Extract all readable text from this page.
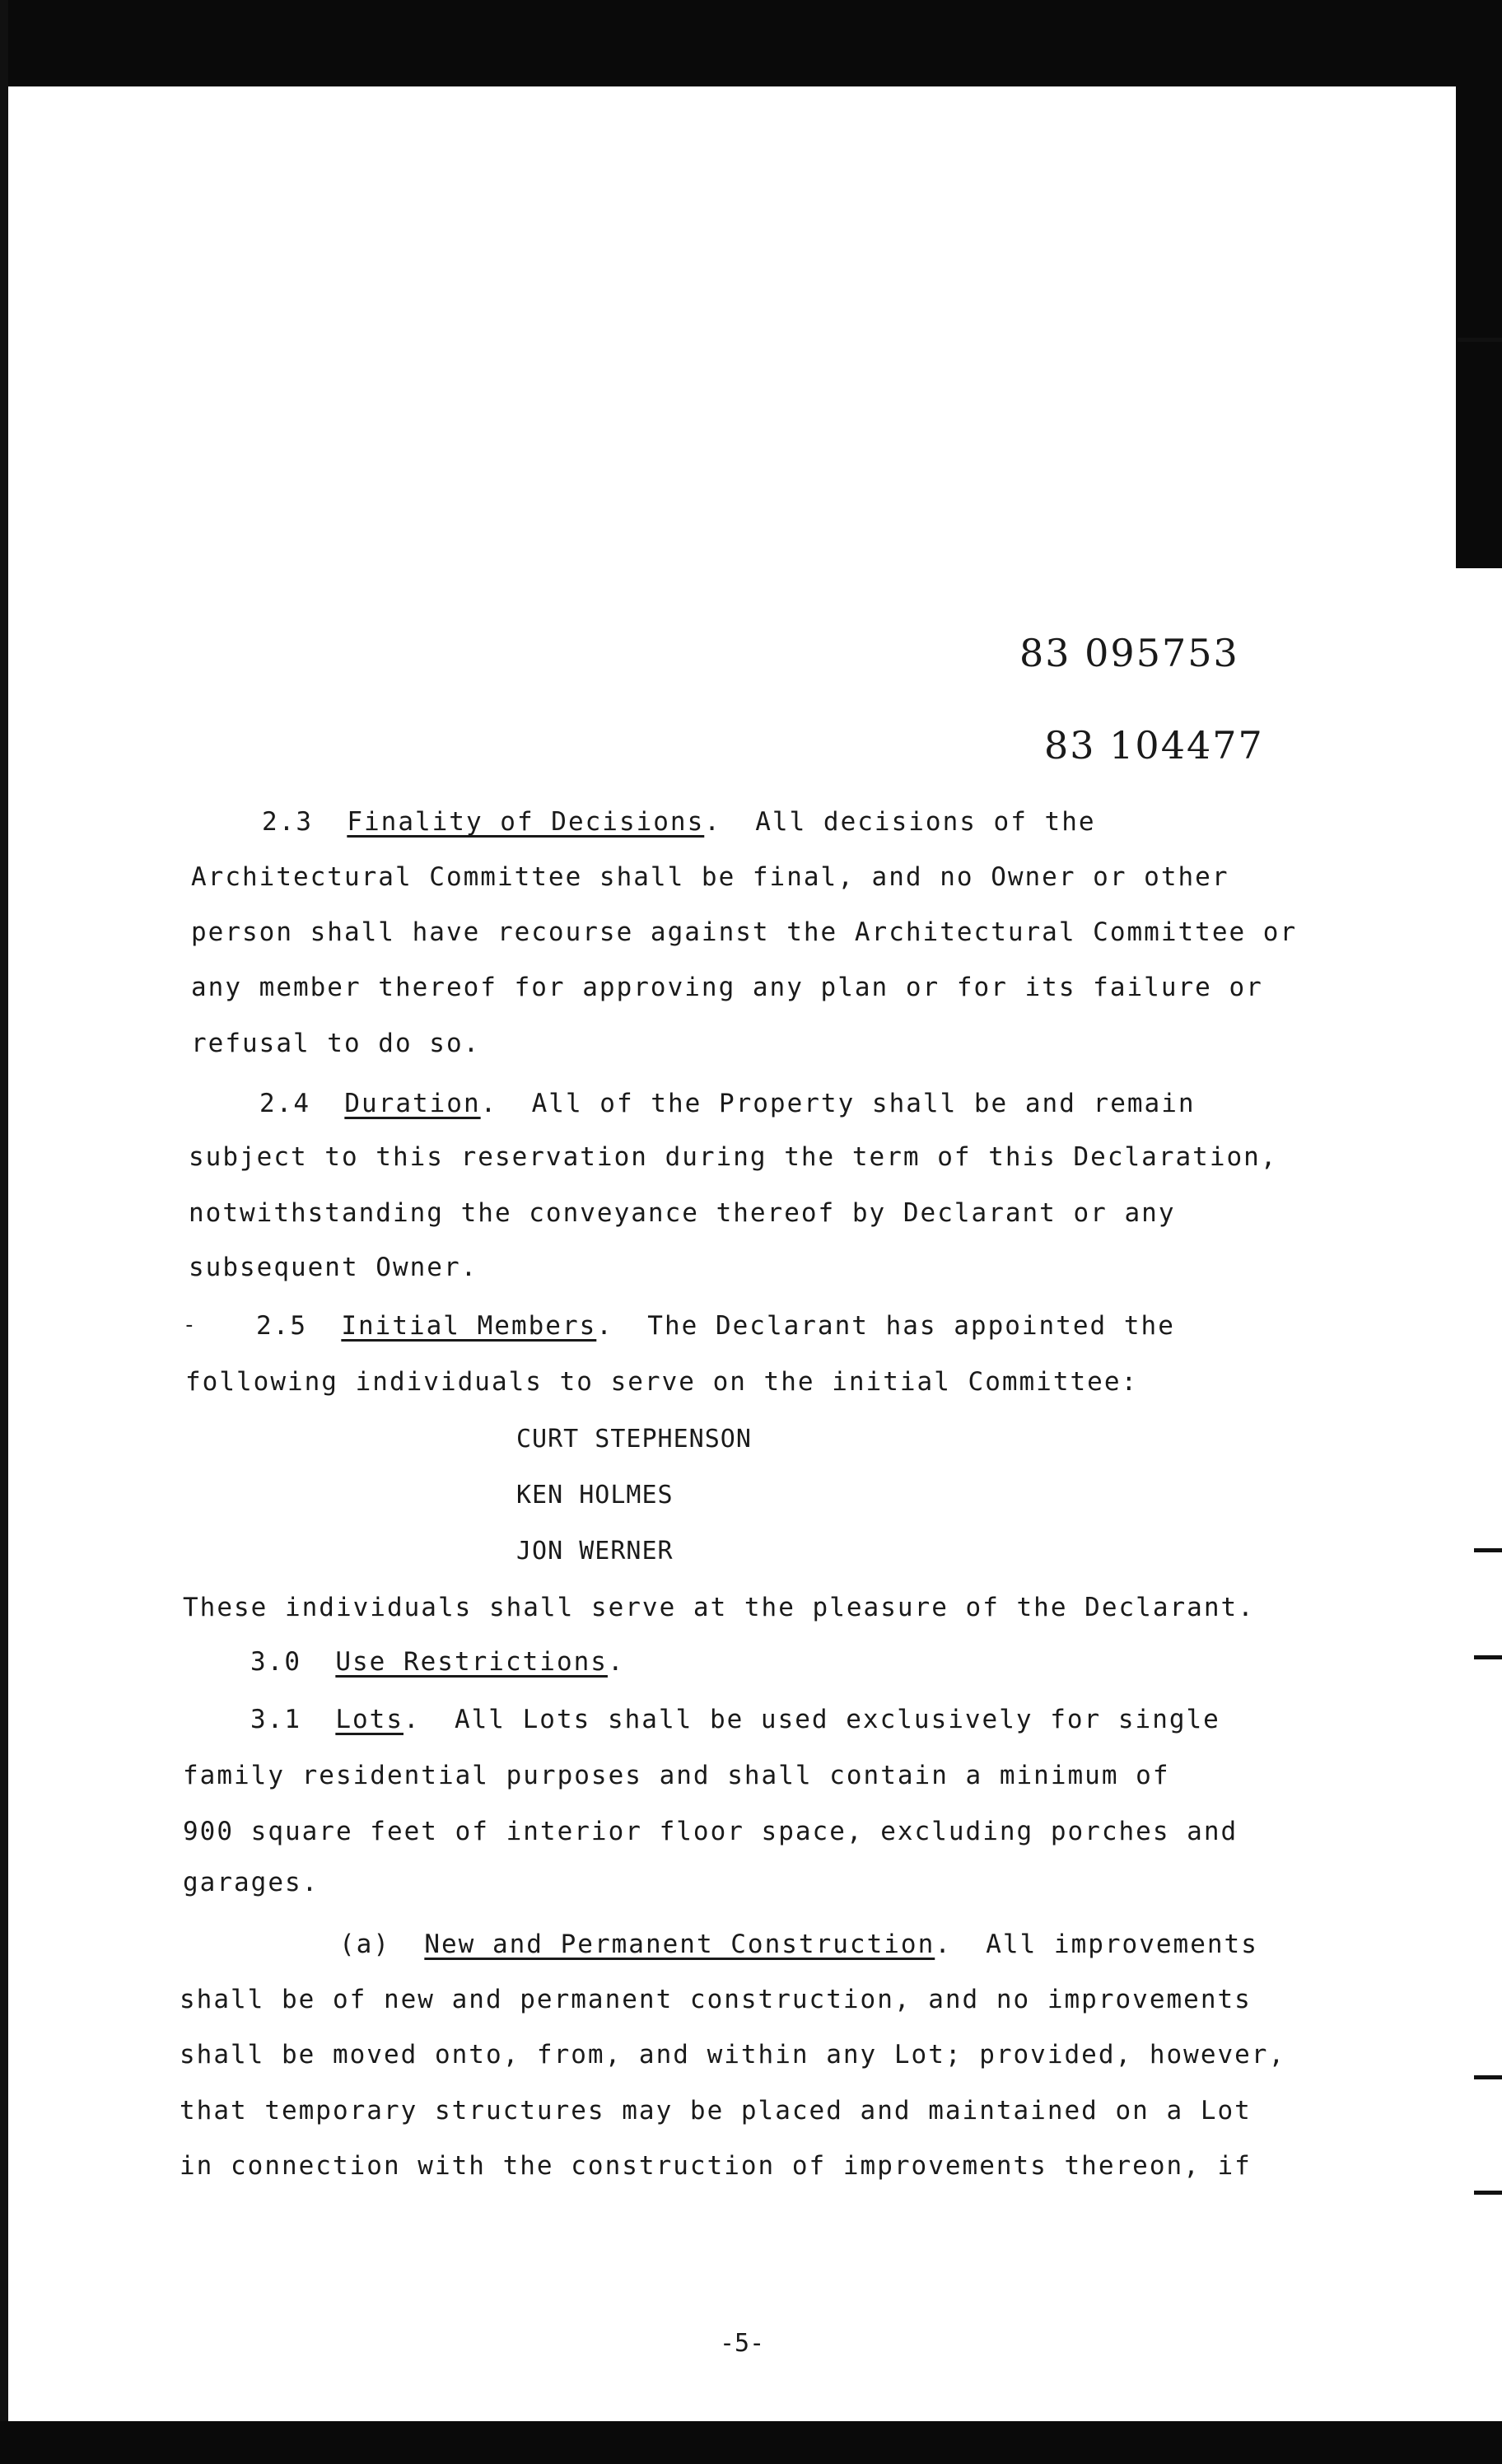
83 095753
83 104477
2.3 Finality of Decisions.  All decisions of the
Architectural Committee shall be final, and no Owner or other
person shall have recourse against the Architectural Committee or
any member thereof for approving any plan or for its failure or
refusal to do so.
2.4 Duration.  All of the Property shall be and remain
subject to this reservation during the term of this Declaration,
notwithstanding the conveyance thereof by Declarant or any
subsequent Owner.
- 2.5 Initial Members.  The Declarant has appointed the
following individuals to serve on the initial Committee:
CURT STEPHENSON
KEN HOLMES
JON WERNER
These individuals shall serve at the pleasure of the Declarant.
3.0 Use Restrictions.
3.1 Lots.  All Lots shall be used exclusively for single
family residential purposes and shall contain a minimum of
900 square feet of interior floor space, excluding porches and
garages.
(a) New and Permanent Construction.  All improvements
shall be of new and permanent construction, and no improvements
shall be moved onto, from, and within any Lot; provided, however,
that temporary structures may be placed and maintained on a Lot
in connection with the construction of improvements thereon, if
-5-
